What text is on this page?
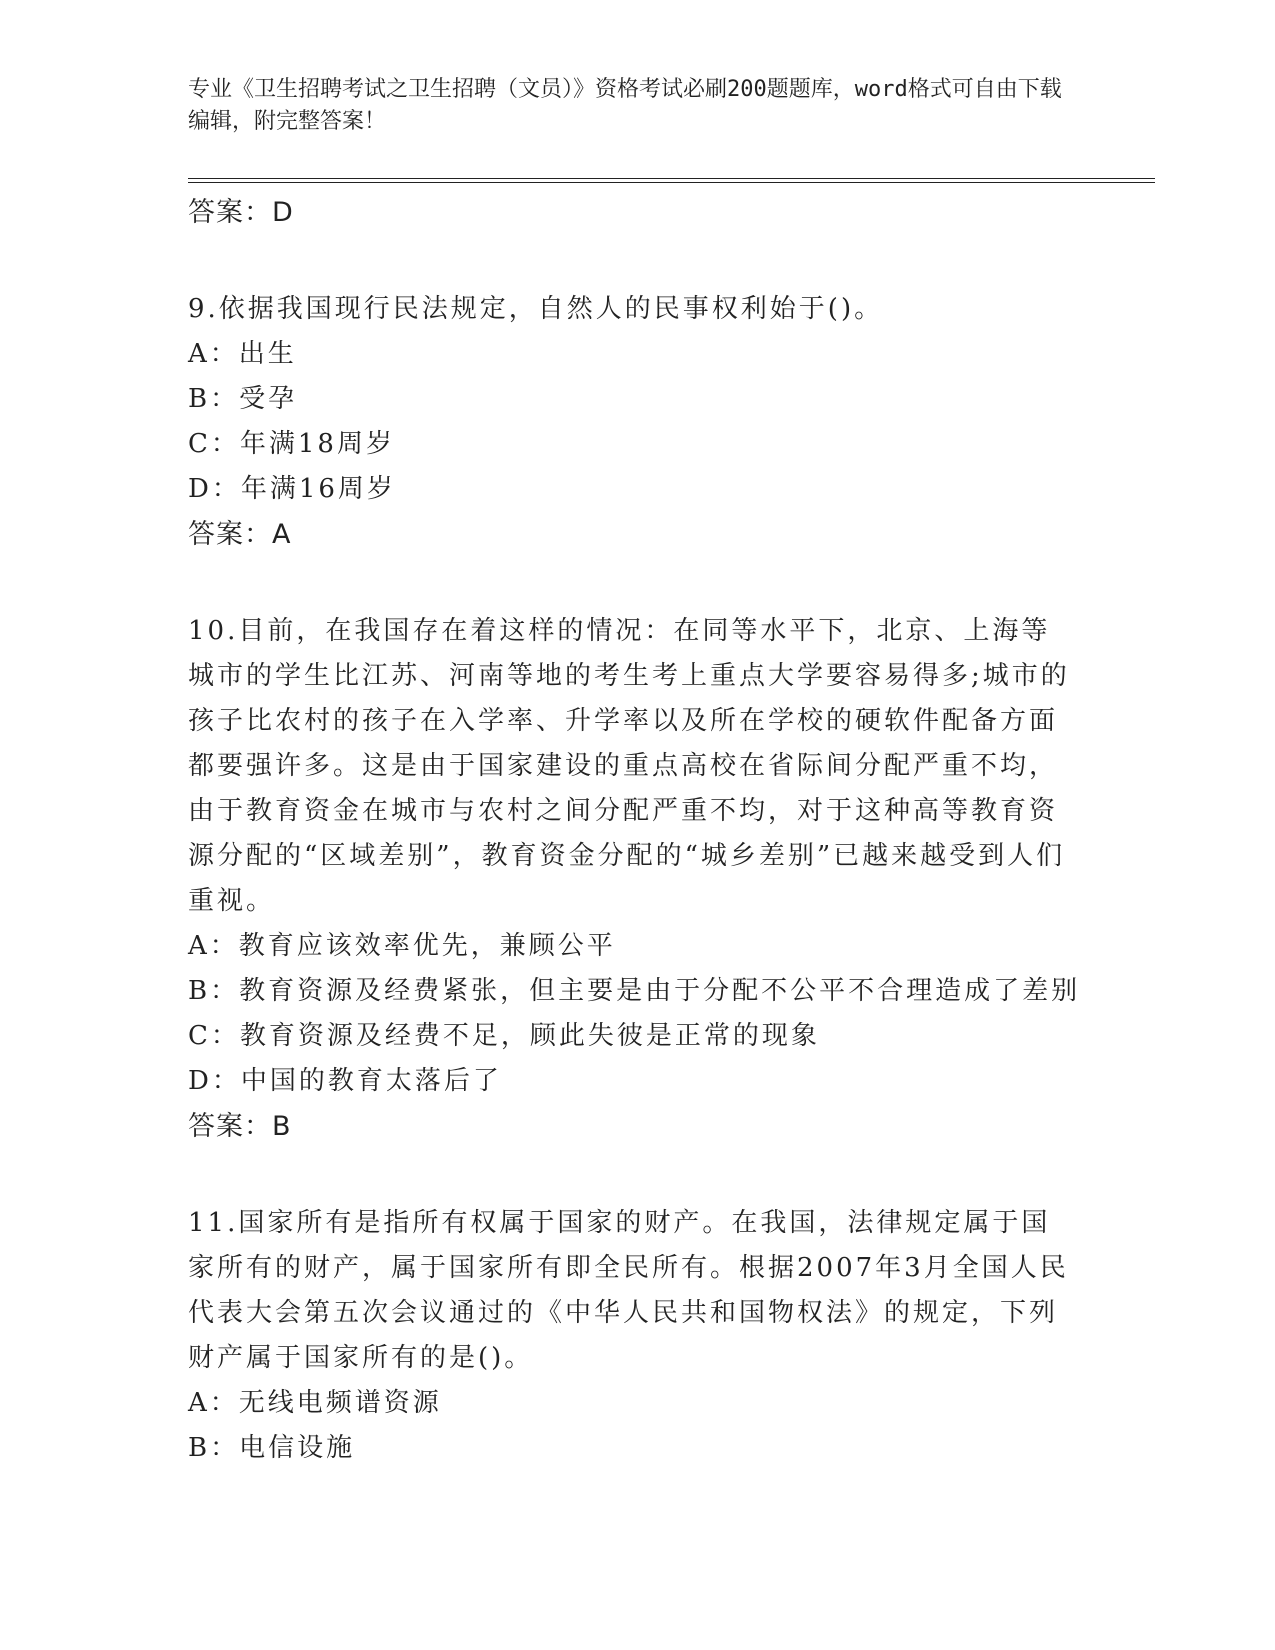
专业《卫生招聘考试之卫生招聘（文员）》资格考试必刷200题题库，word格式可自由下载编辑，附完整答案！

答案：D

9.依据我国现行民法规定，自然人的民事权利始于()。

A：出生

B：受孕

C：年满18周岁

D：年满16周岁

答案：A

10.目前，在我国存在着这样的情况：在同等水平下，北京、上海等城市的学生比江苏、河南等地的考生考上重点大学要容易得多;城市的孩子比农村的孩子在入学率、升学率以及所在学校的硬软件配备方面都要强许多。这是由于国家建设的重点高校在省际间分配严重不均，由于教育资金在城市与农村之间分配严重不均，对于这种高等教育资源分配的“区域差别”，教育资金分配的“城乡差别”已越来越受到人们重视。

A：教育应该效率优先，兼顾公平

B：教育资源及经费紧张，但主要是由于分配不公平不合理造成了差别

C：教育资源及经费不足，顾此失彼是正常的现象

D：中国的教育太落后了

答案：B

11.国家所有是指所有权属于国家的财产。在我国，法律规定属于国家所有的财产，属于国家所有即全民所有。根据2007年3月全国人民代表大会第五次会议通过的《中华人民共和国物权法》的规定，下列财产属于国家所有的是()。

A：无线电频谱资源

B：电信设施
